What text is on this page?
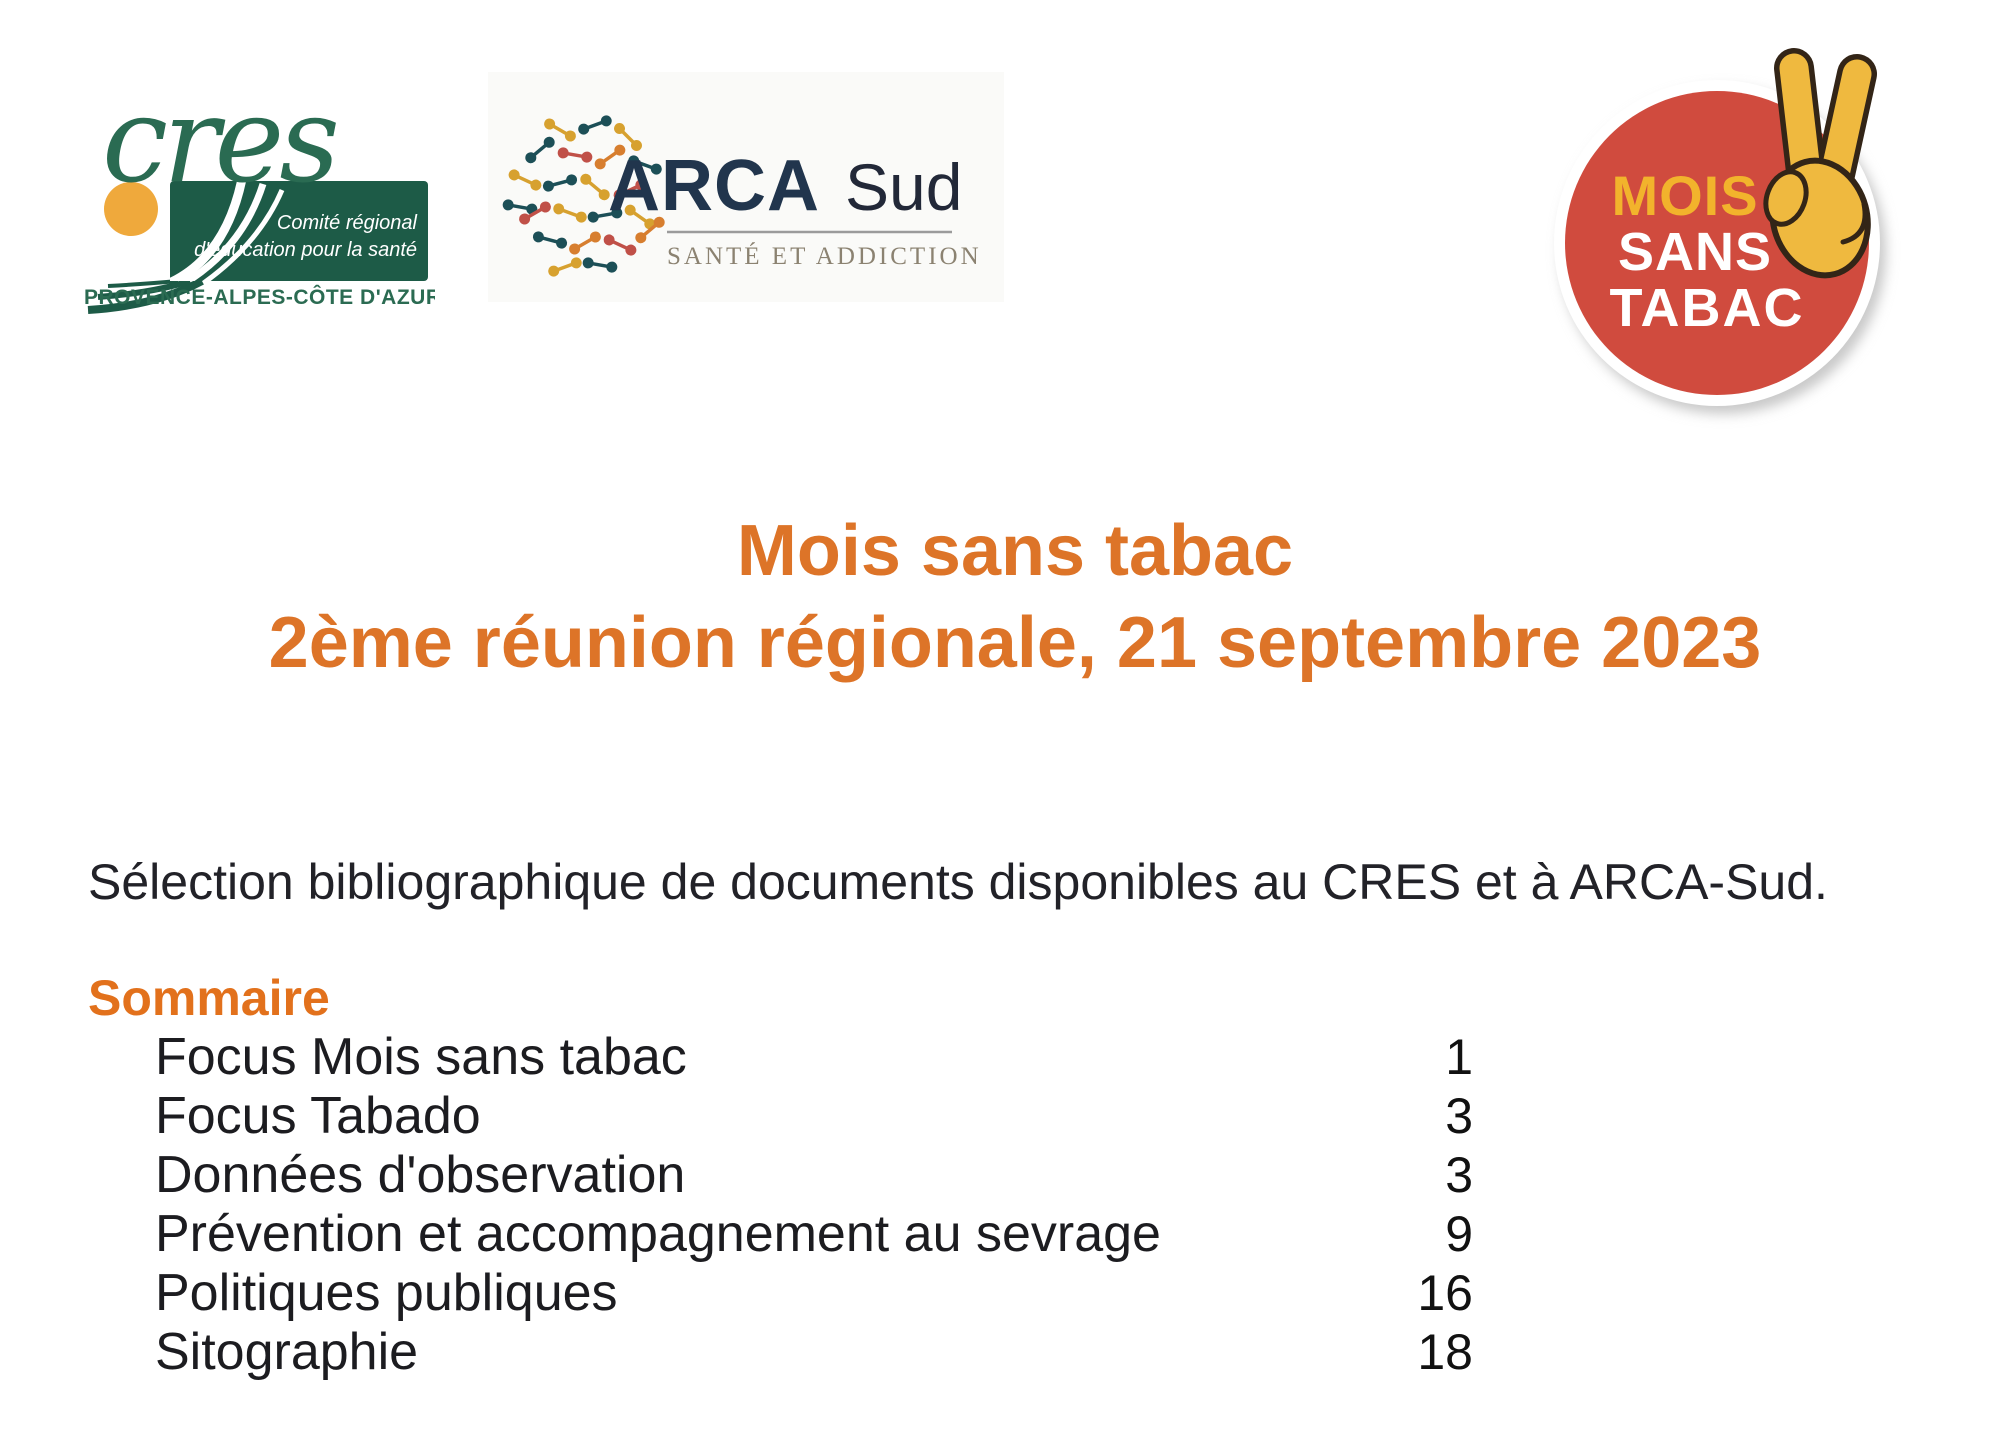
cres
Comité régional
d'éducation pour la santé
PROVENCE-ALPES-CÔTE D'AZUR
ARCA Sud
SANTÉ ET ADDICTION
MOIS
SANS
TABAC
Mois sans tabac
2ème réunion régionale, 21 septembre 2023
Sélection bibliographique de documents disponibles au CRES et à ARCA-Sud.
Sommaire
Focus Mois sans tabac	1
Focus Tabado	3
Données d'observation	3
Prévention et accompagnement au sevrage	9
Politiques publiques	16
Sitographie	18
